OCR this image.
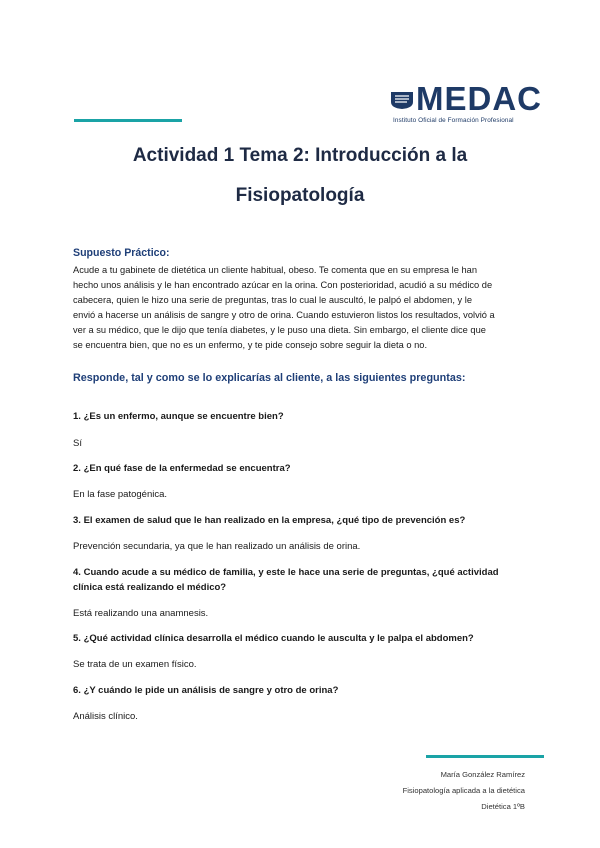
MEDAC
Instituto Oficial de Formación Profesional
Actividad 1 Tema 2: Introducción a la
Fisiopatología
Supuesto Práctico:
Acude a tu gabinete de dietética un cliente habitual, obeso. Te comenta que en su empresa le han
hecho unos análisis y le han encontrado azúcar en la orina. Con posterioridad, acudió a su médico de
cabecera, quien le hizo una serie de preguntas, tras lo cual le auscultó, le palpó el abdomen, y le
envió a hacerse un análisis de sangre y otro de orina. Cuando estuvieron listos los resultados, volvió a
ver a su médico, que le dijo que tenía diabetes, y le puso una dieta. Sin embargo, el cliente dice que
se encuentra bien, que no es un enfermo, y te pide consejo sobre seguir la dieta o no.
Responde, tal y como se lo explicarías al cliente, a las siguientes preguntas:
1. ¿Es un enfermo, aunque se encuentre bien?
Sí
2. ¿En qué fase de la enfermedad se encuentra?
En la fase patogénica.
3. El examen de salud que le han realizado en la empresa, ¿qué tipo de prevención es?
Prevención secundaria, ya que le han realizado un análisis de orina.
4. Cuando acude a su médico de familia, y este le hace una serie de preguntas, ¿qué actividad
clínica está realizando el médico?
Está realizando una anamnesis.
5. ¿Qué actividad clínica desarrolla el médico cuando le ausculta y le palpa el abdomen?
Se trata de un examen físico.
6. ¿Y cuándo le pide un análisis de sangre y otro de orina?
Análisis clínico.
María González Ramírez
Fisiopatología aplicada a la dietética
Dietética 1ºB
